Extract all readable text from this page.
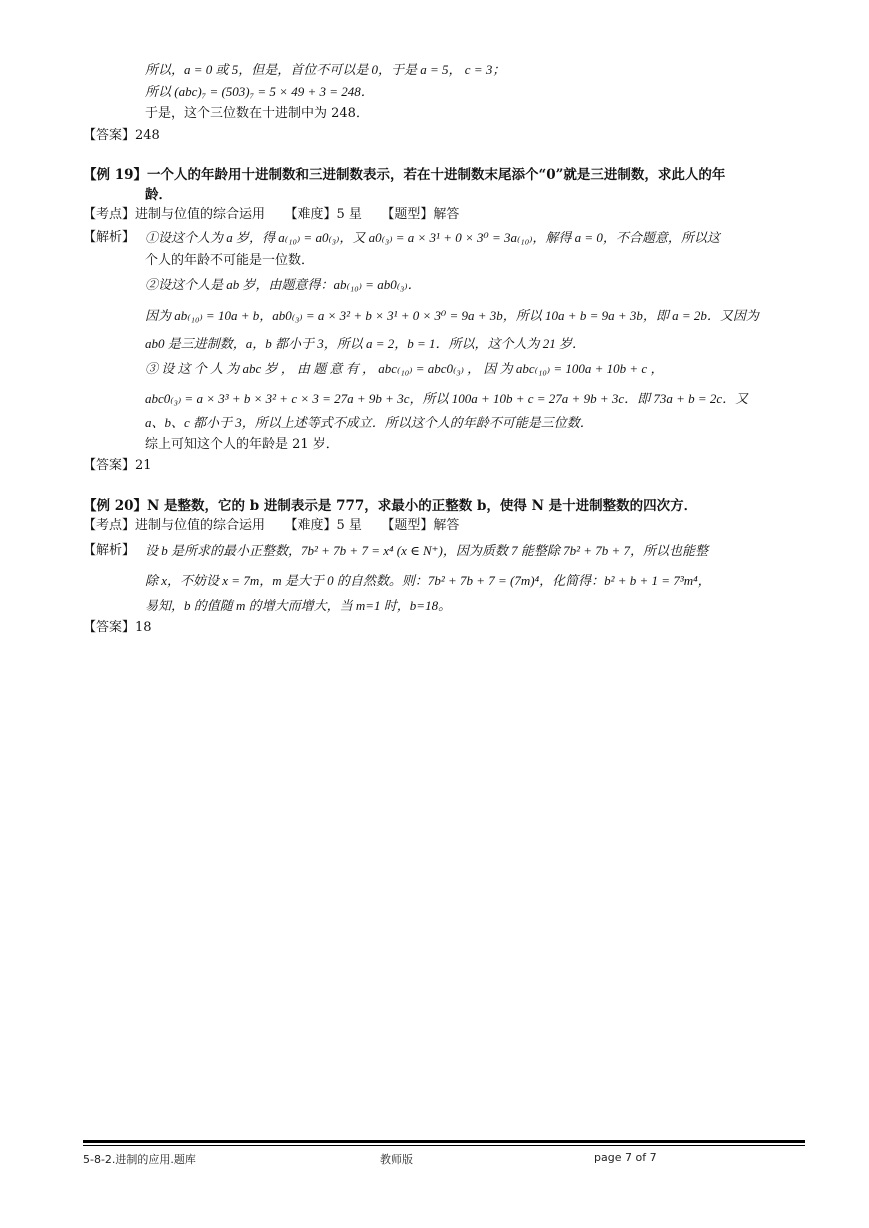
所以，a = 0 或 5，但是，首位不可以是 0，于是 a = 5， c = 3；
所以 (abc)₇ = (503)₇ = 5 × 49 + 3 = 248．
于是，这个三位数在十进制中为 248．
【答案】248
【例 19】一个人的年龄用十进制数和三进制数表示，若在十进制数末尾添个“0”就是三进制数，求此人的年
龄．
【考点】进制与位值的综合运用　　【难度】5 星　　【题型】解答
【解析】 ①设这个人为 a 岁，得 a₍₁₀₎ = a0₍₃₎，又 a0₍₃₎ = a × 3¹ + 0 × 3⁰ = 3a₍₁₀₎，解得 a = 0，不合题意，所以这
个人的年龄不可能是一位数．
②设这个人是 ab 岁，由题意得：ab₍₁₀₎ = ab0₍₃₎．
因为 ab₍₁₀₎ = 10a + b，ab0₍₃₎ = a × 3² + b × 3¹ + 0 × 3⁰ = 9a + 3b，所以 10a + b = 9a + 3b，即 a = 2b．又因为
ab0 是三进制数，a，b 都小于 3，所以 a = 2，b = 1．所以，这个人为 21 岁．
③ 设 这 个 人 为 abc 岁 ， 由 题 意 有 ， abc₍₁₀₎ = abc0₍₃₎ ， 因 为 abc₍₁₀₎ = 100a + 10b + c ，
abc0₍₃₎ = a × 3³ + b × 3² + c × 3 = 27a + 9b + 3c，所以 100a + 10b + c = 27a + 9b + 3c．即 73a + b = 2c．又
a、b、c 都小于 3，所以上述等式不成立．所以这个人的年龄不可能是三位数．
综上可知这个人的年龄是 21 岁．
【答案】21
【例 20】N 是整数，它的 b 进制表示是 777，求最小的正整数 b，使得 N 是十进制整数的四次方．
【考点】进制与位值的综合运用　　【难度】5 星　　【题型】解答
【解析】 设 b 是所求的最小正整数，7b² + 7b + 7 = x⁴ (x ∈ N⁺)，因为质数 7 能整除 7b² + 7b + 7，所以也能整
除 x，不妨设 x = 7m，m 是大于 0 的自然数。则：7b² + 7b + 7 = (7m)⁴，化简得：b² + b + 1 = 7³m⁴，
易知，b 的值随 m 的增大而增大，当 m=1 时，b=18。
【答案】18
5-8-2.进制的应用.题库	教师版	page 7 of 7
